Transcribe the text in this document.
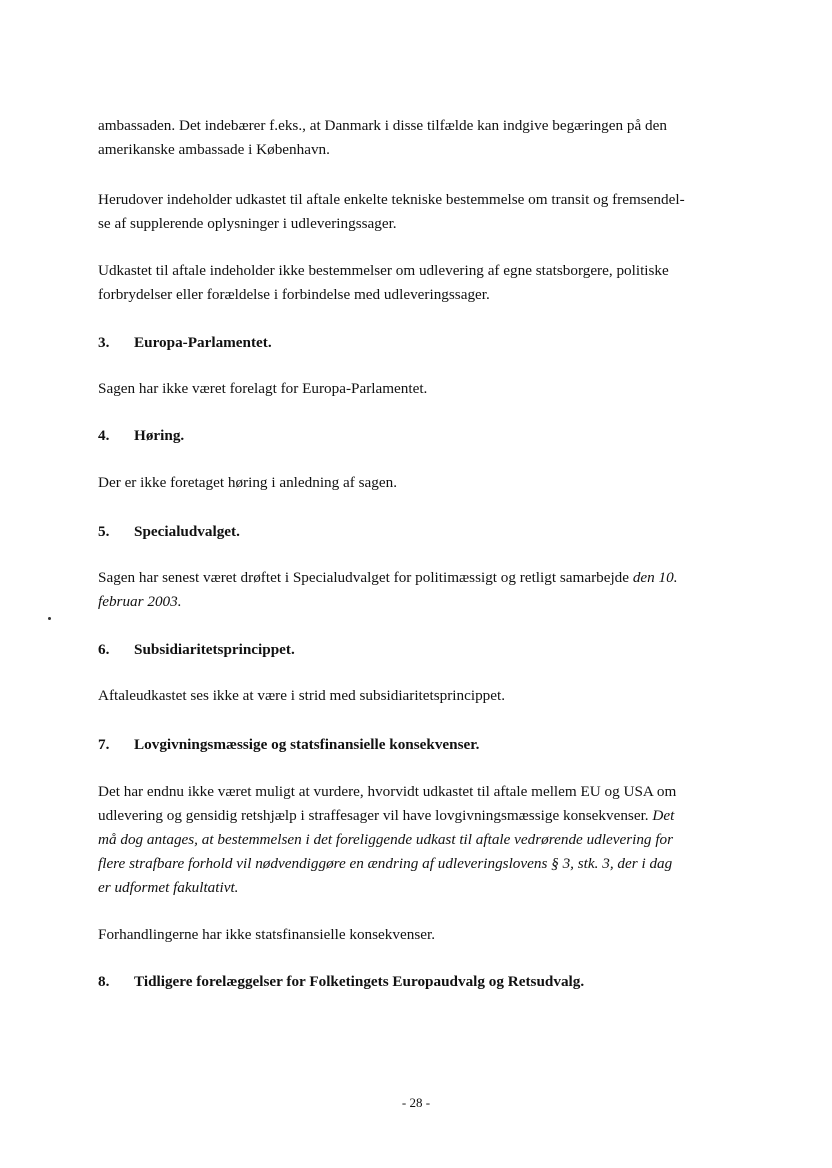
ambassaden. Det indebærer f.eks., at Danmark i disse tilfælde kan indgive begæringen på den

amerikanske ambassade i København.

Herudover indeholder udkastet til aftale enkelte tekniske bestemmelse om transit og fremsendel-

se af supplerende oplysninger i udleveringssager.

Udkastet til aftale indeholder ikke bestemmelser om udlevering af egne statsborgere, politiske

forbrydelser eller forældelse i forbindelse med udleveringssager.

3.	Europa-Parlamentet.

Sagen har ikke været forelagt for Europa-Parlamentet.

4.	Høring.

Der er ikke foretaget høring i anledning af sagen.

5.	Specialudvalget.

Sagen har senest været drøftet i Specialudvalget for politimæssigt og retligt samarbejde den 10.

februar 2003.

6.	Subsidiaritetsprincippet.

Aftaleudkastet ses ikke at være i strid med subsidiaritetsprincippet.

7.	Lovgivningsmæssige og statsfinansielle konsekvenser.

Det har endnu ikke været muligt at vurdere, hvorvidt udkastet til aftale mellem EU og USA om

udlevering og gensidig retshjælp i straffesager vil have lovgivningsmæssige konsekvenser. Det

må dog antages, at bestemmelsen i det foreliggende udkast til aftale vedrørende udlevering for

flere strafbare forhold vil nødvendiggøre en ændring af udleveringslovens § 3, stk. 3, der i dag

er udformet fakultativt.

Forhandlingerne har ikke statsfinansielle konsekvenser.

8.	Tidligere forelæggelser for Folketingets Europaudvalg og Retsudvalg.
- 28 -
